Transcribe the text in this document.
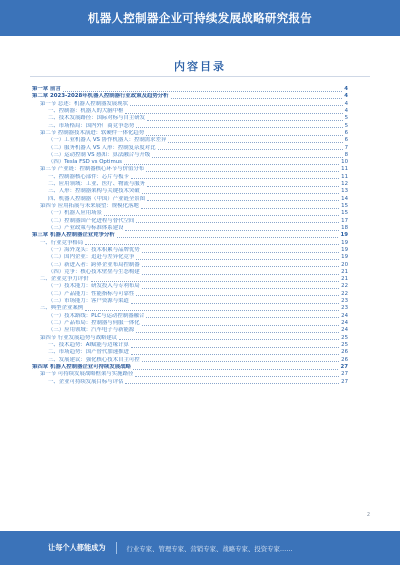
机器人控制器企业可持续发展战略研究报告
内容目录
第一章 前言	4
第二章 2023-2028年机器人控制器行业政策及趋势分析	4
第一节 总述：机器人控制器发展现状	4
一、控制器：机器人的大脑中枢	4
二、技术发展路径：国际对标与自主研发	5
三、市场格局：国内外厂商竞争态势	5
第二节 控制器技术演进：软硬件一体化趋势	6
（一）工业机器人 VS 协作机器人：控制需求差异	6
（二）服务机器人 VS 人形：控制复杂度对比	7
（三）运动控制 VS 感知：算法融合与升级	8
（四）Tesla FSD vs Optimus	10
第三节 产业链：控制器核心环节与价值分布	11
一、控制器核心部件：芯片与板卡	11
二、应用领域：工业、医疗、物流与服务	12
三、人形：控制器架构与关键技术突破	13
四、机器人控制器（中国）产业链全景图	14
第四节 应用拓展与未来展望：规模化落地	15
（一）机器人应用场景	15
（二）控制器国产化进程与替代空间	17
（三）产业政策与标准体系建设	18
第三章 机器人控制器企业竞争分析	19
一、行业竞争格局	19
（一）海外龙头：技术积累与品牌优势	19
（二）国内企业：追赶与差异化竞争	19
（三）新进入者：跨界企业布局控制器	20
（四）竞争：核心技术壁垒与生态构建	21
二、企业竞争力评价	21
（一）技术能力：研发投入与专利布局	22
（二）产品能力：性能指标与可靠性	22
（三）市场能力：客户资源与渠道	23
三、典型企业案例	23
（一）技术路线：PLC与运动控制器融合	24
（二）产品布局：控制器与伺服一体化	24
（三）应用领域：汽车电子与新能源	24
第四节 行业发展趋势与战略建议	25
一、技术趋势：AI赋能与边缘计算	25
二、市场趋势：国产替代加速推进	26
三、发展建议：强化核心技术自主可控	26
第四章 机器人控制器企业可持续发展战略	27
第一节 可持续发展战略框架与实施路径	27
一、企业可持续发展目标与评估	27
2
让每个人都能成为	行业专家、管理专家、营销专家、战略专家、投资专家……
